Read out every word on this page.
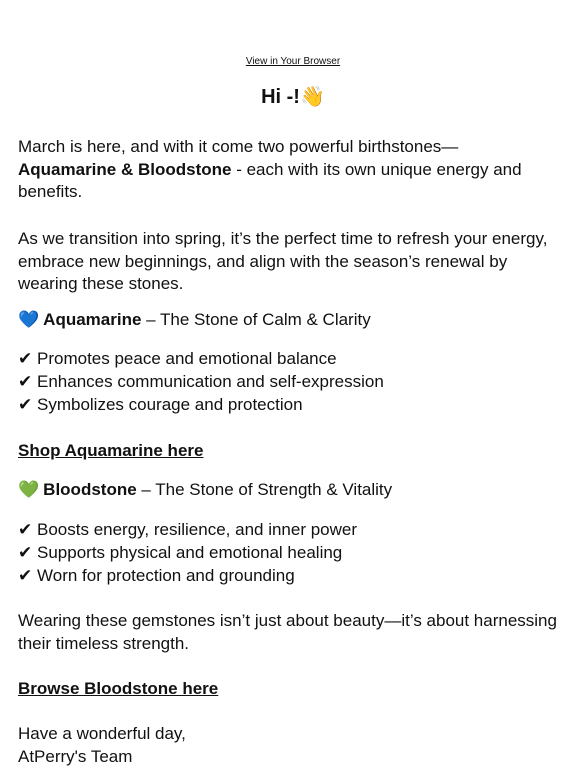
View in Your Browser
Hi -!👋

March is here, and with it come two powerful birthstones—
Aquamarine & Bloodstone - each with its own unique energy and benefits.

As we transition into spring, it’s the perfect time to refresh your energy, embrace new beginnings, and align with the season’s renewal by wearing these stones.

💙 Aquamarine – The Stone of Calm & Clarity
✔ Promotes peace and emotional balance
✔ Enhances communication and self-expression
✔ Symbolizes courage and protection
Shop Aquamarine here
💚 Bloodstone – The Stone of Strength & Vitality
✔ Boosts energy, resilience, and inner power
✔ Supports physical and emotional healing
✔ Worn for protection and grounding

Wearing these gemstones isn’t just about beauty—it’s about harnessing their timeless strength.

Browse Bloodstone here

Have a wonderful day,
AtPerry's Team
